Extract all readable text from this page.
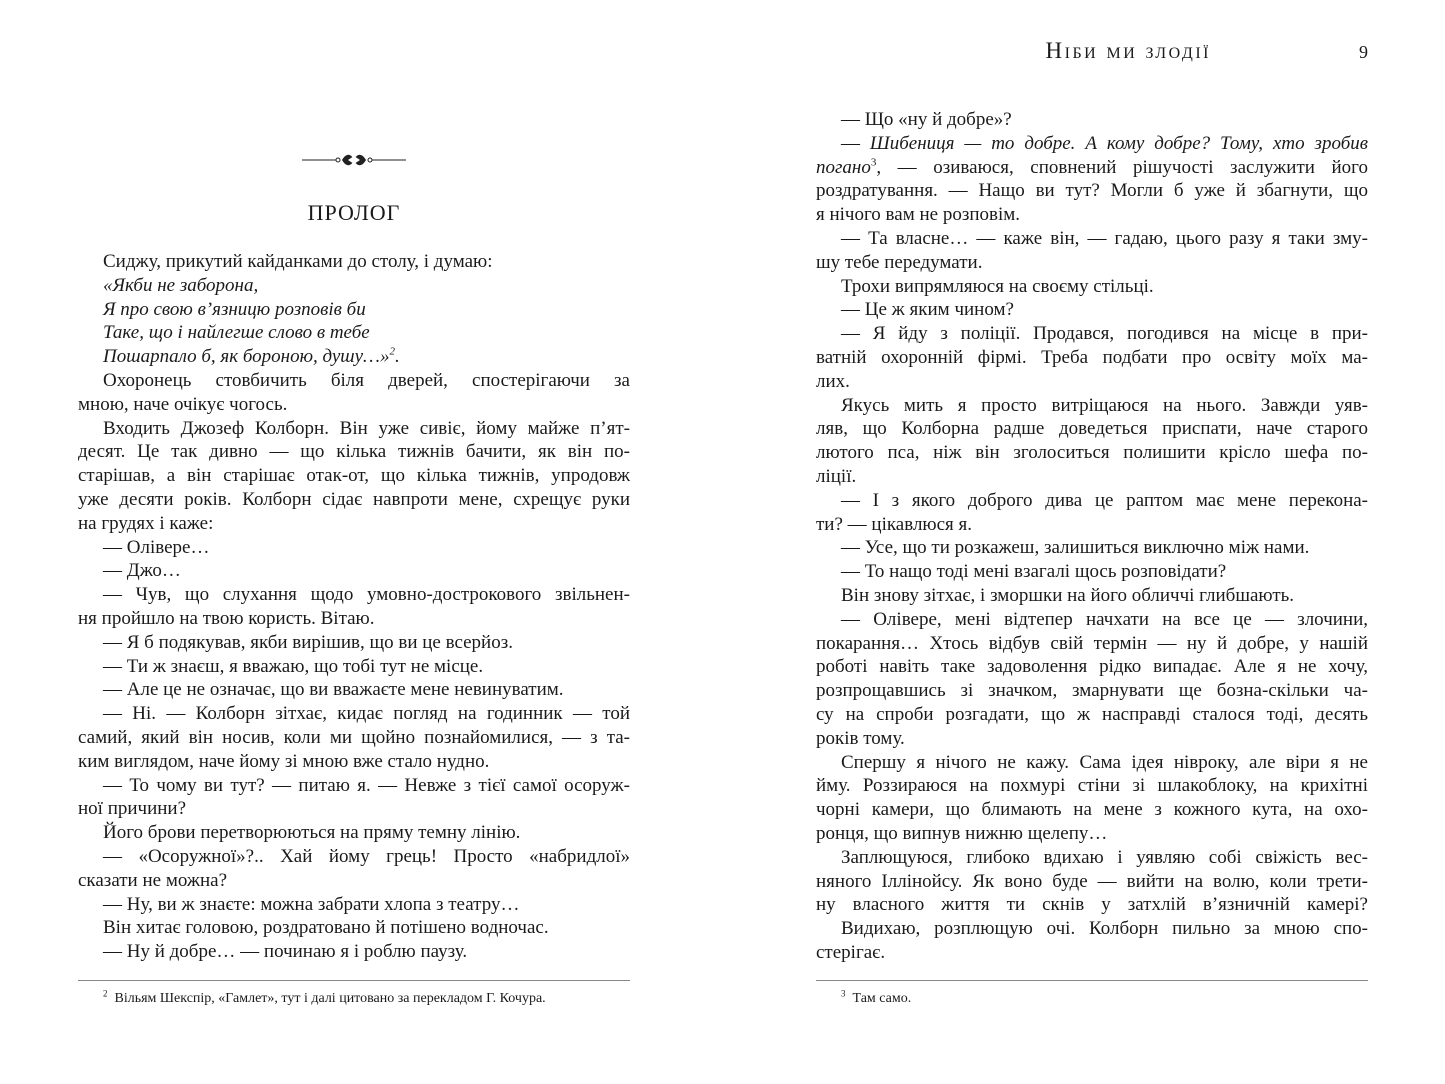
ПРОЛОГ
Сиджу, прикутий кайданками до столу, і думаю:
«Якби не заборона,
Я про свою в’язницю розповів би
Таке, що і найлегше слово в тебе
Пошарпало б, як бороною, душу…»$^2$.
Охоронець стовбичить біля дверей, спостерігаючи за
мною, наче очікує чогось.
Входить Джозеф Колборн. Він уже сивіє, йому майже п’ят-
десят. Це так дивно — що кілька тижнів бачити, як він по-
старішав, а він старішає отак-от, що кілька тижнів, упродовж
уже десяти років. Колборн сідає навпроти мене, схрещує руки
на грудях і каже:
— Олівере…
— Джо…
— Чув, що слухання щодо умовно-дострокового звільнен-
ня пройшло на твою користь. Вітаю.
— Я б подякував, якби вирішив, що ви це всерйоз.
— Ти ж знаєш, я вважаю, що тобі тут не місце.
— Але це не означає, що ви вважаєте мене невинуватим.
— Ні. — Колборн зітхає, кидає погляд на годинник — той
самий, який він носив, коли ми щойно познайомилися, — з та-
ким виглядом, наче йому зі мною вже стало нудно.
— То чому ви тут? — питаю я. — Невже з тієї самої осоруж-
ної причини?
Його брови перетворюються на пряму темну лінію.
— «Осоружної»?.. Хай йому грець! Просто «набридлої»
сказати не можна?
— Ну, ви ж знаєте: можна забрати хлопа з театру…
Він хитає головою, роздратовано й потішено водночас.
— Ну й добре… — починаю я і роблю паузу.
$^2$ Вільям Шекспір, «Гамлет», тут і далі цитовано за перекладом Г. Кочура.
Ніби ми злодії	9
— Що «ну й добре»?
— Шибениця — то добре. А кому добре? Тому, хто зробив
погано$^3$, — озиваюся, сповнений рішучості заслужити його
роздратування. — Нащо ви тут? Могли б уже й збагнути, що
я нічого вам не розповім.
— Та власне… — каже він, — гадаю, цього разу я таки зму-
шу тебе передумати.
Трохи випрямляюся на своєму стільці.
— Це ж яким чином?
— Я йду з поліції. Продався, погодився на місце в при-
ватній охоронній фірмі. Треба подбати про освіту моїх ма-
лих.
Якусь мить я просто витріщаюся на нього. Завжди уяв-
ляв, що Колборна радше доведеться приспати, наче старого
лютого пса, ніж він зголоситься полишити крісло шефа по-
ліції.
— І з якого доброго дива це раптом має мене переконa-
ти? — цікавлюся я.
— Усе, що ти розкажеш, залишиться виключно між нами.
— То нащо тоді мені взагалі щось розповідати?
Він знову зітхає, і зморшки на його обличчі глибшають.
— Олівере, мені відтепер начхати на все це — злочини,
покарання… Хтось відбув свій термін — ну й добре, у нашій
роботі навіть таке задоволення рідко випадає. Але я не хочу,
розпрощавшись зі значком, змарнувати ще бозна-скільки ча-
су на спроби розгадати, що ж насправді сталося тоді, десять
років тому.
Спершу я нічого не кажу. Сама ідея нівроку, але віри я не
йму. Роззираюся на похмурі стіни зі шлакоблоку, на крихітні
чорні камери, що блимають на мене з кожного кута, на охо-
ронця, що випнув нижню щелепу…
Заплющуюся, глибоко вдихаю і уявляю собі свіжість вес-
няного Іллінойсу. Як воно буде — вийти на волю, коли трети-
ну власного життя ти скнів у затхлій в’язничній камері?
Видихаю, розплющую очі. Колборн пильно за мною спо-
стерігає.
$^3$ Там само.
